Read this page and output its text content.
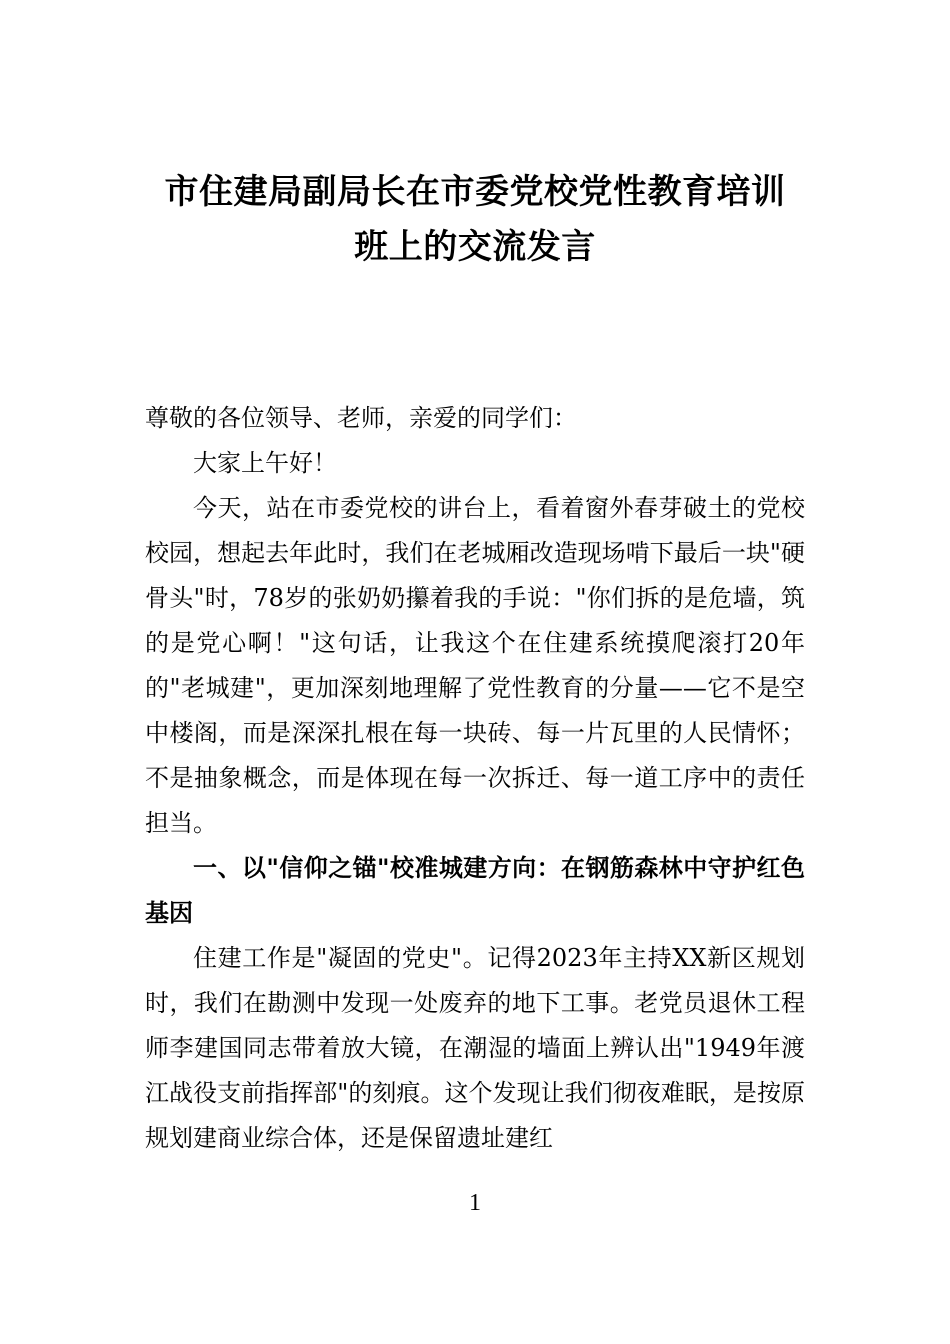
市住建局副局长在市委党校党性教育培训
班上的交流发言

尊敬的各位领导、老师，亲爱的同学们：

大家上午好！

今天，站在市委党校的讲台上，看着窗外春芽破土的党校校园，想起去年此时，我们在老城厢改造现场啃下最后一块"硬骨头"时，78岁的张奶奶攥着我的手说："你们拆的是危墙，筑的是党心啊！"这句话，让我这个在住建系统摸爬滚打20年的"老城建"，更加深刻地理解了党性教育的分量——它不是空中楼阁，而是深深扎根在每一块砖、每一片瓦里的人民情怀；不是抽象概念，而是体现在每一次拆迁、每一道工序中的责任担当。

一、以"信仰之锚"校准城建方向：在钢筋森林中守护红色基因

住建工作是"凝固的党史"。记得2023年主持XX新区规划时，我们在勘测中发现一处废弃的地下工事。老党员退休工程师李建国同志带着放大镜，在潮湿的墙面上辨认出"1949年渡江战役支前指挥部"的刻痕。这个发现让我们彻夜难眠，是按原规划建商业综合体，还是保留遗址建红

1
